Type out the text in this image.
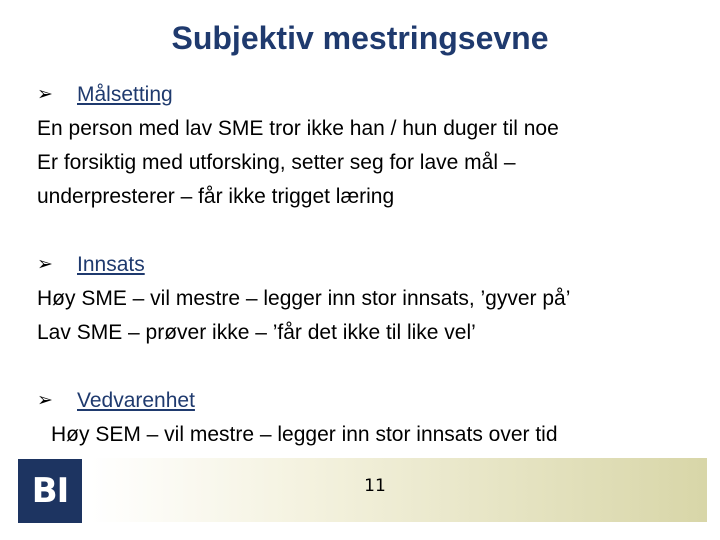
Subjektiv mestringsevne
➢	Målsetting
En person med lav SME tror ikke han / hun duger til noe
Er forsiktig med utforsking, setter seg for lave mål –
underpresterer – får ikke trigget læring
➢	Innsats
Høy SME – vil mestre – legger inn stor innsats, ’gyver på’
Lav SME – prøver ikke – ’får det ikke til like vel’
➢	Vedvarenhet
Høy SEM – vil mestre – legger inn stor innsats over tid
BI	11
